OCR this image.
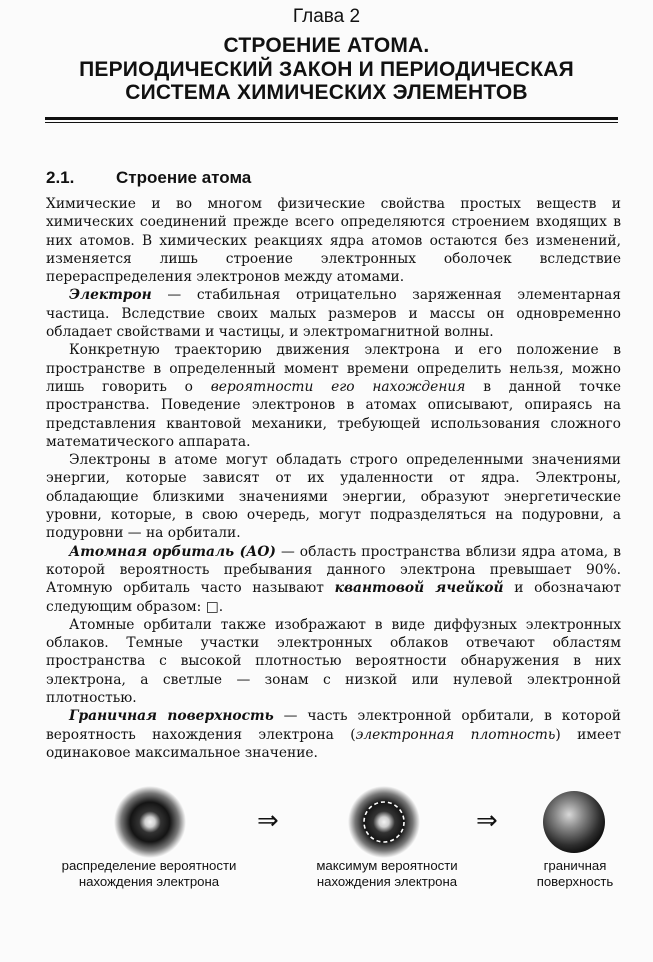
Глава 2
СТРОЕНИЕ АТОМА.
ПЕРИОДИЧЕСКИЙ ЗАКОН И ПЕРИОДИЧЕСКАЯ
СИСТЕМА ХИМИЧЕСКИХ ЭЛЕМЕНТОВ
2.1. Строение атома

Химические и во многом физические свойства простых веществ и химических соединений прежде всего определяются строением входящих в них атомов. В химических реакциях ядра атомов остаются без изменений, изменяется лишь строение электронных оболочек вследствие перераспределения электронов между атомами.

Электрон — стабильная отрицательно заряженная элементарная частица. Вследствие своих малых размеров и массы он одновременно обладает свойствами и частицы, и электромагнитной волны.

Конкретную траекторию движения электрона и его положение в пространстве в определенный момент времени определить нельзя, можно лишь говорить о вероятности его нахождения в данной точке пространства. Поведение электронов в атомах описывают, опираясь на представления квантовой механики, требующей использования сложного математического аппарата.

Электроны в атоме могут обладать строго определенными значениями энергии, которые зависят от их удаленности от ядра. Электроны, обладающие близкими значениями энергии, образуют энергетические уровни, которые, в свою очередь, могут подразделяться на подуровни, а подуровни — на орбитали.

Атомная орбиталь (АО) — область пространства вблизи ядра атома, в которой вероятность пребывания данного электрона превышает 90%. Атомную орбиталь часто называют квантовой ячейкой и обозначают следующим образом: □.

Атомные орбитали также изображают в виде диффузных электронных облаков. Темные участки электронных облаков отвечают областям пространства с высокой плотностью вероятности обнаружения в них электрона, а светлые — зонам с низкой или нулевой электронной плотностью.

Граничная поверхность — часть электронной орбитали, в которой вероятность нахождения электрона (электронная плотность) имеет одинаковое максимальное значение.

⇒	⇒
распределение вероятности
нахождения электрона
максимум вероятности
нахождения электрона
граничная
поверхность
